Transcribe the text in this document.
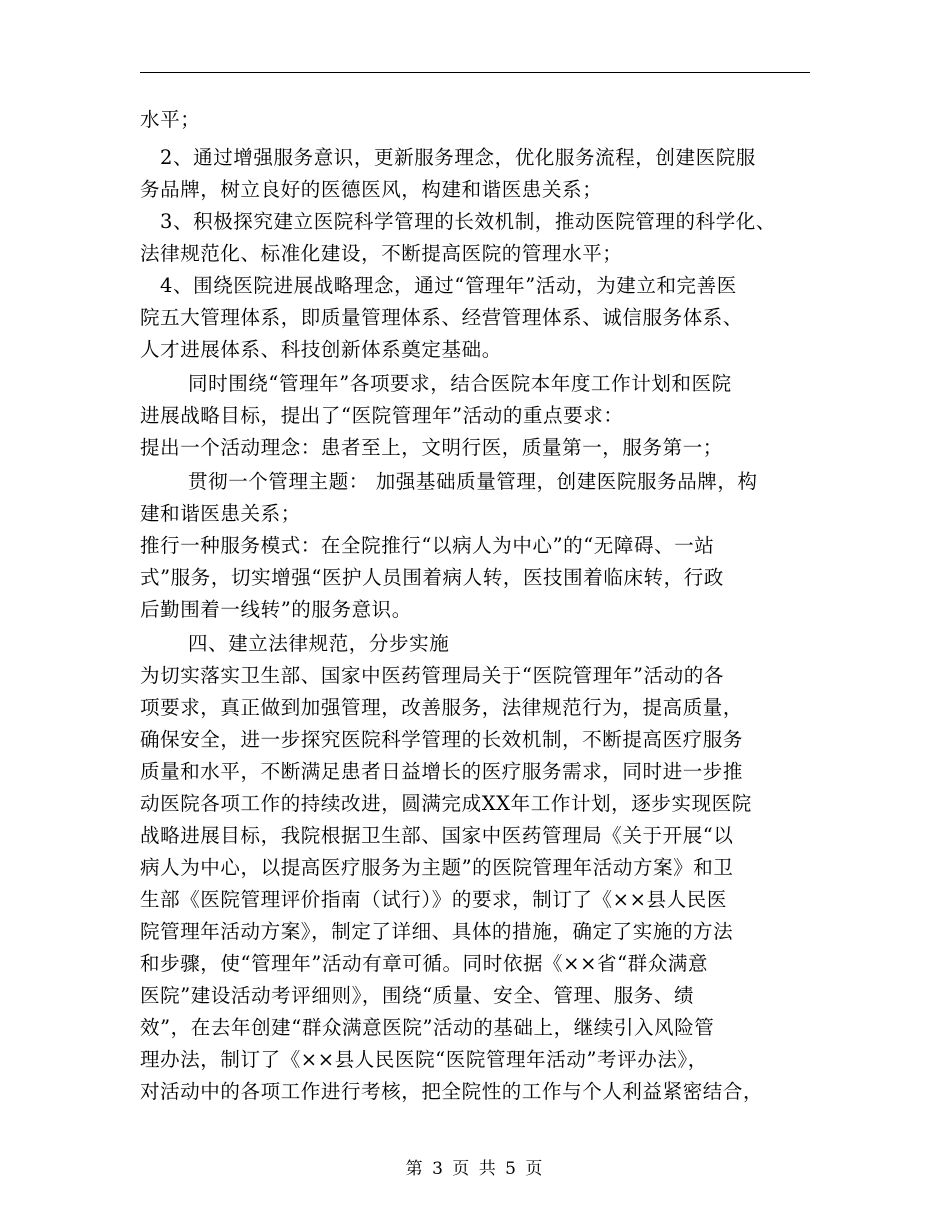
水平；
2、通过增强服务意识，更新服务理念，优化服务流程，创建医院服
务品牌，树立良好的医德医风，构建和谐医患关系；
3、积极探究建立医院科学管理的长效机制，推动医院管理的科学化、
法律规范化、标准化建设，不断提高医院的管理水平；
4、围绕医院进展战略理念，通过“管理年”活动，为建立和完善医
院五大管理体系，即质量管理体系、经营管理体系、诚信服务体系、
人才进展体系、科技创新体系奠定基础。
同时围绕“管理年”各项要求，结合医院本年度工作计划和医院
进展战略目标，提出了“医院管理年”活动的重点要求：
提出一个活动理念：患者至上，文明行医，质量第一，服务第一；
贯彻一个管理主题： 加强基础质量管理，创建医院服务品牌，构
建和谐医患关系；
推行一种服务模式：在全院推行“以病人为中心”的“无障碍、一站
式”服务，切实增强“医护人员围着病人转，医技围着临床转，行政
后勤围着一线转”的服务意识。
四、建立法律规范，分步实施
为切实落实卫生部、国家中医药管理局关于“医院管理年”活动的各
项要求，真正做到加强管理，改善服务，法律规范行为，提高质量，
确保安全，进一步探究医院科学管理的长效机制，不断提高医疗服务
质量和水平，不断满足患者日益增长的医疗服务需求，同时进一步推
动医院各项工作的持续改进，圆满完成XX年工作计划，逐步实现医院
战略进展目标，我院根据卫生部、国家中医药管理局《关于开展“以
病人为中心，以提高医疗服务为主题”的医院管理年活动方案》和卫
生部《医院管理评价指南（试行）》的要求，制订了《××县人民医
院管理年活动方案》，制定了详细、具体的措施，确定了实施的方法
和步骤，使“管理年”活动有章可循。同时依据《××省“群众满意
医院”建设活动考评细则》，围绕“质量、安全、管理、服务、绩
效”，在去年创建“群众满意医院”活动的基础上，继续引入风险管
理办法，制订了《××县人民医院“医院管理年活动”考评办法》，
对活动中的各项工作进行考核，把全院性的工作与个人利益紧密结合，
第 3 页 共 5 页
